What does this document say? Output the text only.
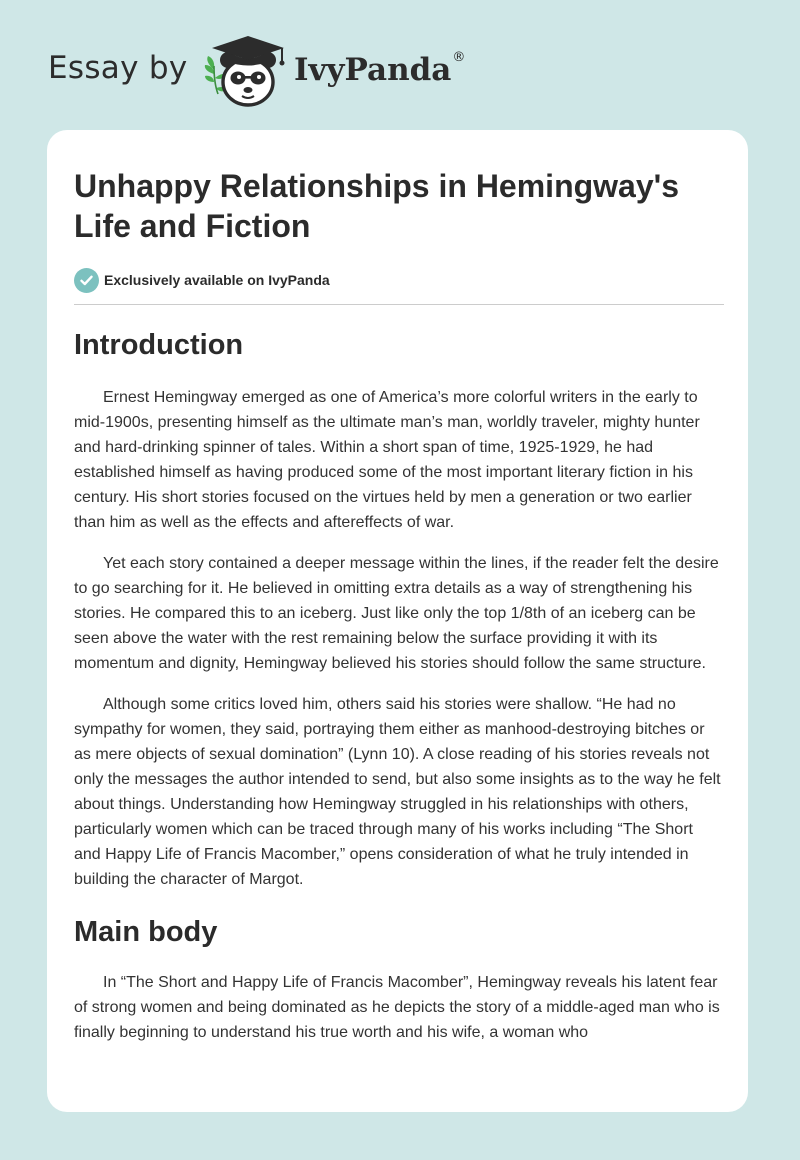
Essay by	IvyPanda®
Unhappy Relationships in Hemingway's Life and Fiction
Exclusively available on IvyPanda
Introduction

Ernest Hemingway emerged as one of America’s more colorful writers in the early to mid-1900s, presenting himself as the ultimate man’s man, worldly traveler, mighty hunter and hard-drinking spinner of tales. Within a short span of time, 1925-1929, he had established himself as having produced some of the most important literary fiction in his century. His short stories focused on the virtues held by men a generation or two earlier than him as well as the effects and aftereffects of war.

Yet each story contained a deeper message within the lines, if the reader felt the desire to go searching for it. He believed in omitting extra details as a way of strengthening his stories. He compared this to an iceberg. Just like only the top 1/8th of an iceberg can be seen above the water with the rest remaining below the surface providing it with its momentum and dignity, Hemingway believed his stories should follow the same structure.

Although some critics loved him, others said his stories were shallow. “He had no sympathy for women, they said, portraying them either as manhood-destroying bitches or as mere objects of sexual domination” (Lynn 10). A close reading of his stories reveals not only the messages the author intended to send, but also some insights as to the way he felt about things. Understanding how Hemingway struggled in his relationships with others, particularly women which can be traced through many of his works including “The Short and Happy Life of Francis Macomber,” opens consideration of what he truly intended in building the character of Margot.

Main body

In “The Short and Happy Life of Francis Macomber”, Hemingway reveals his latent fear of strong women and being dominated as he depicts the story of a middle-aged man who is finally beginning to understand his true worth and his wife, a woman who
